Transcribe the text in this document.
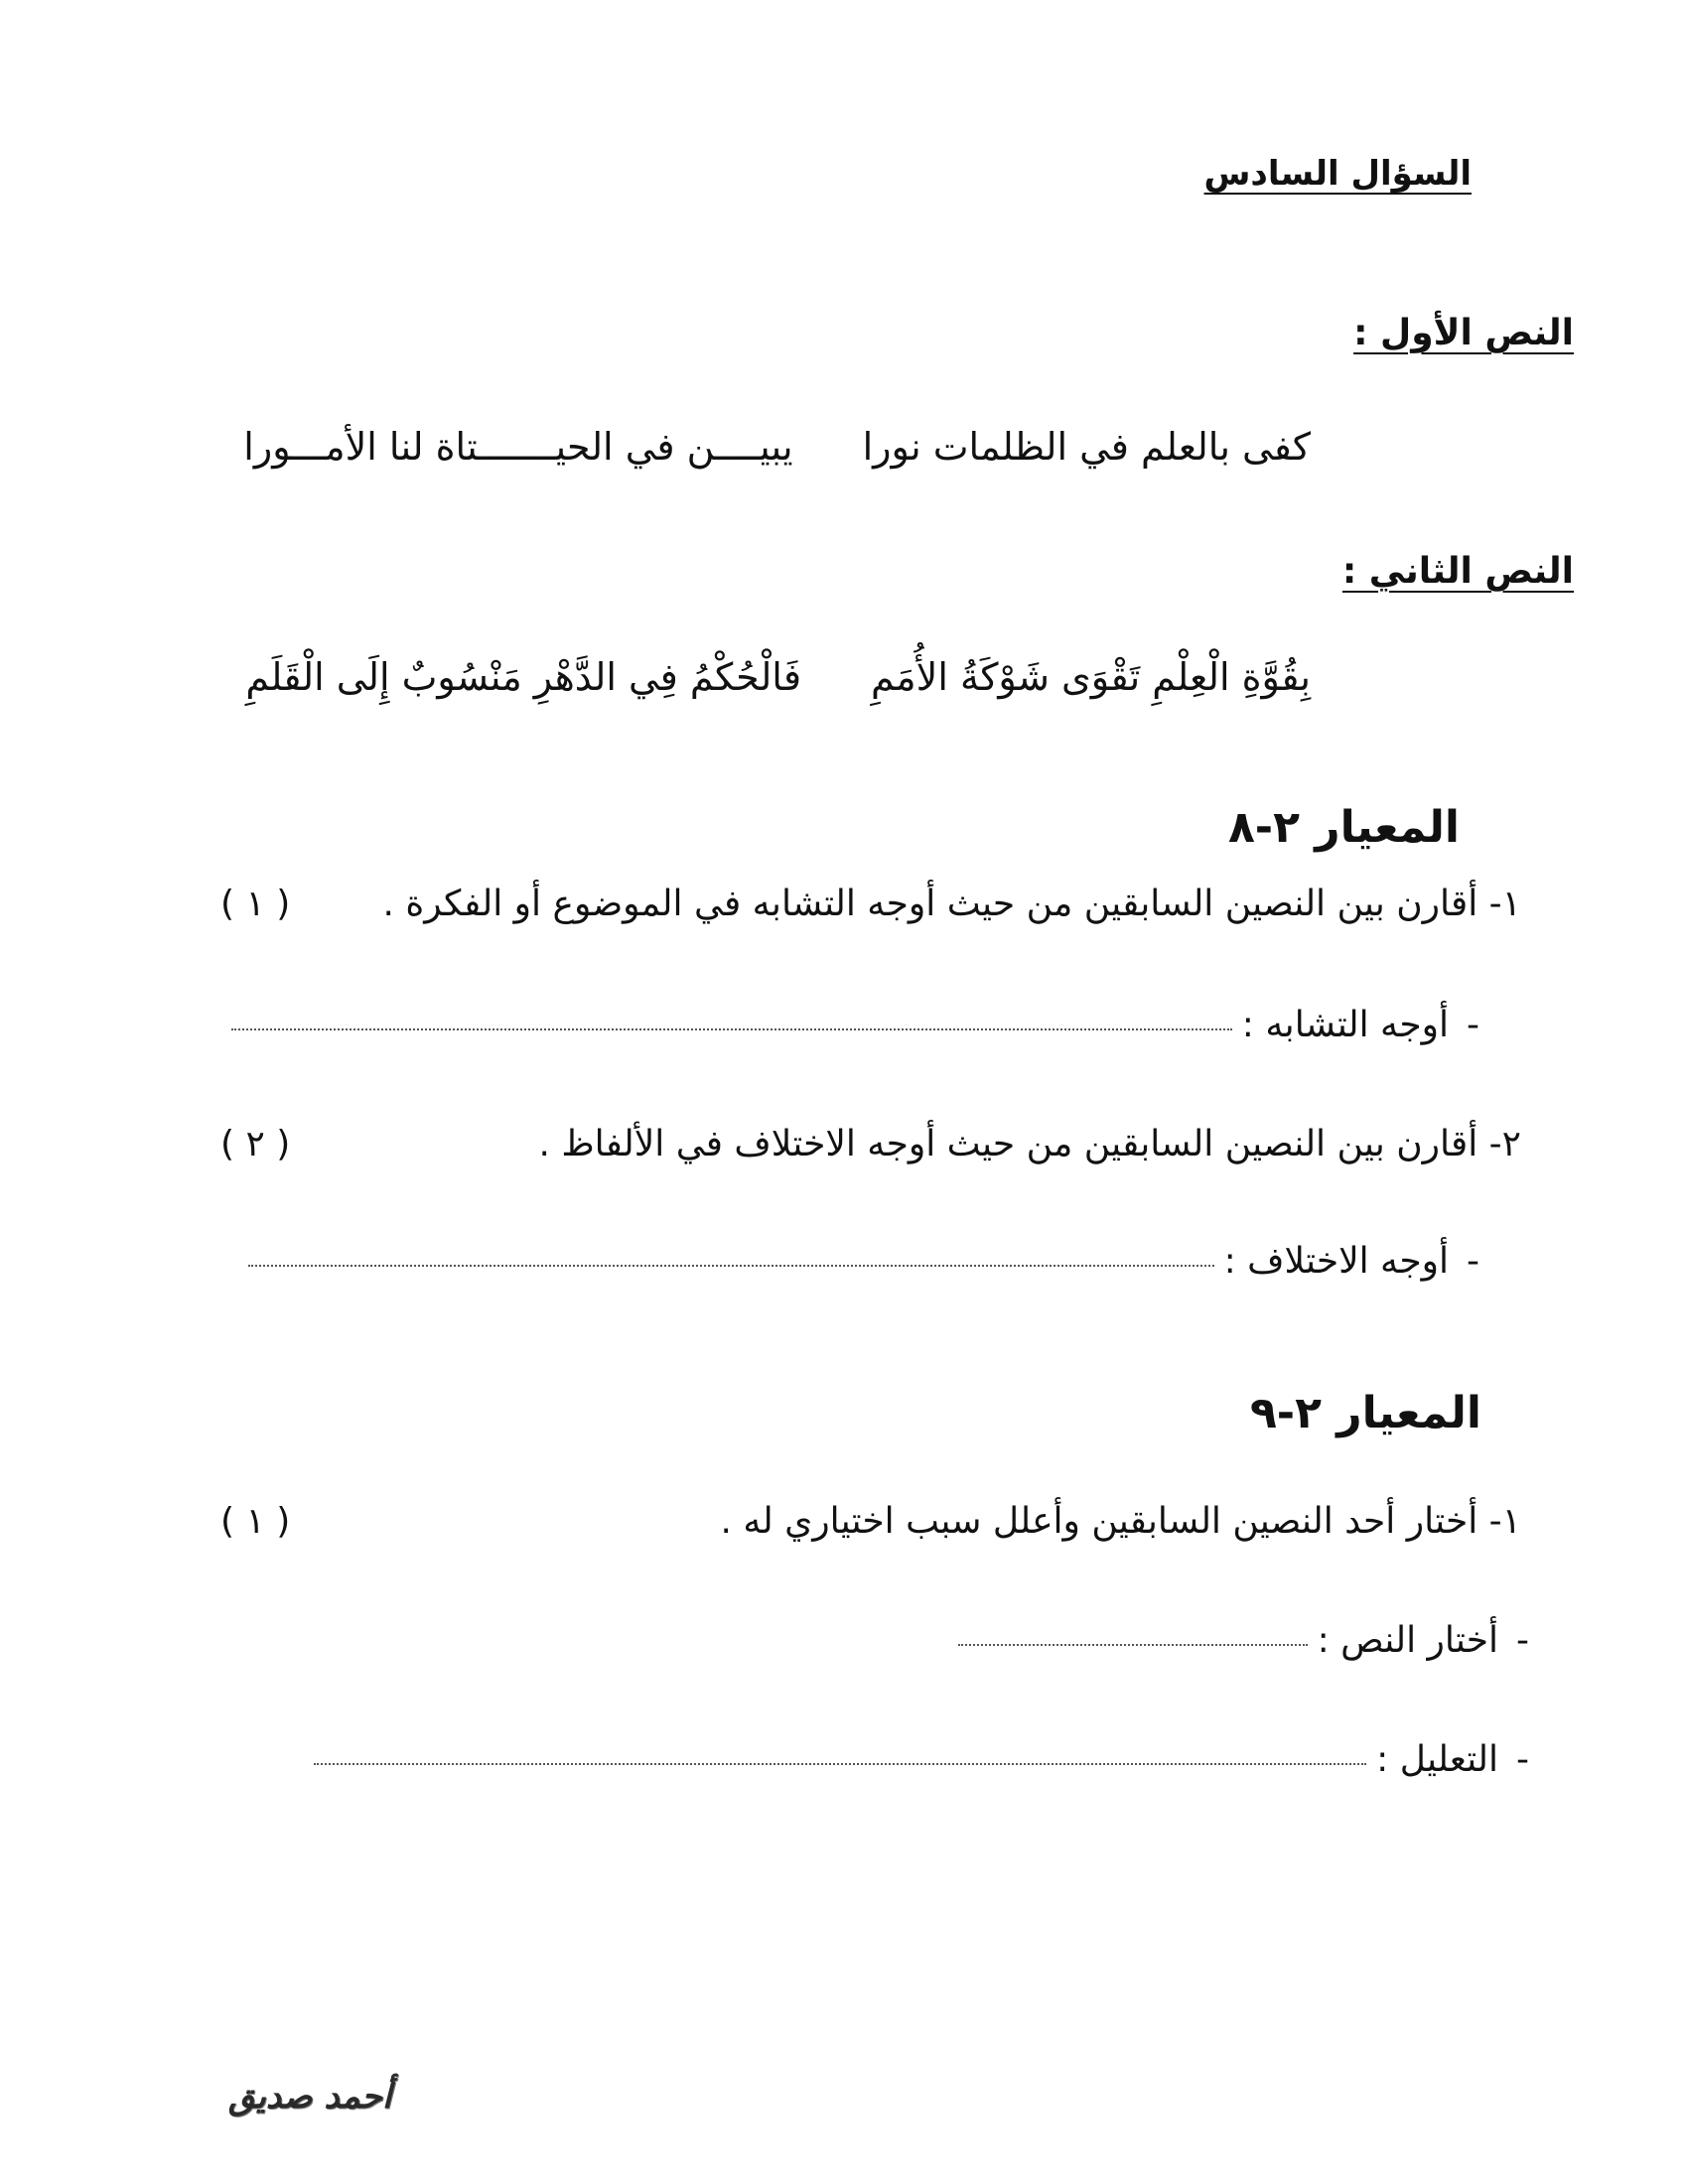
السؤال السادس
النص الأول :
كفى بالعلم في الظلمات نورا
يبيــــن في الحيـــــــتاة لنا الأمـــورا
النص الثاني :
بِقُوَّةِ الْعِلْمِ تَقْوَى شَوْكَةُ الأُمَمِ
فَالْحُكْمُ فِي الدَّهْرِ مَنْسُوبٌ إِلَى الْقَلَمِ
المعيار ٢-٨
١- أقارن بين النصين السابقين من حيث أوجه التشابه في الموضوع أو الفكرة .
( ١ )
-
أوجه التشابه :
٢- أقارن بين النصين السابقين من حيث أوجه الاختلاف في الألفاظ .
( ٢ )
-
أوجه الاختلاف :
المعيار ٢-٩
١- أختار أحد النصين السابقين وأعلل سبب اختياري له .
( ١ )
-
أختار النص :
-
التعليل :
أحمد صديق
